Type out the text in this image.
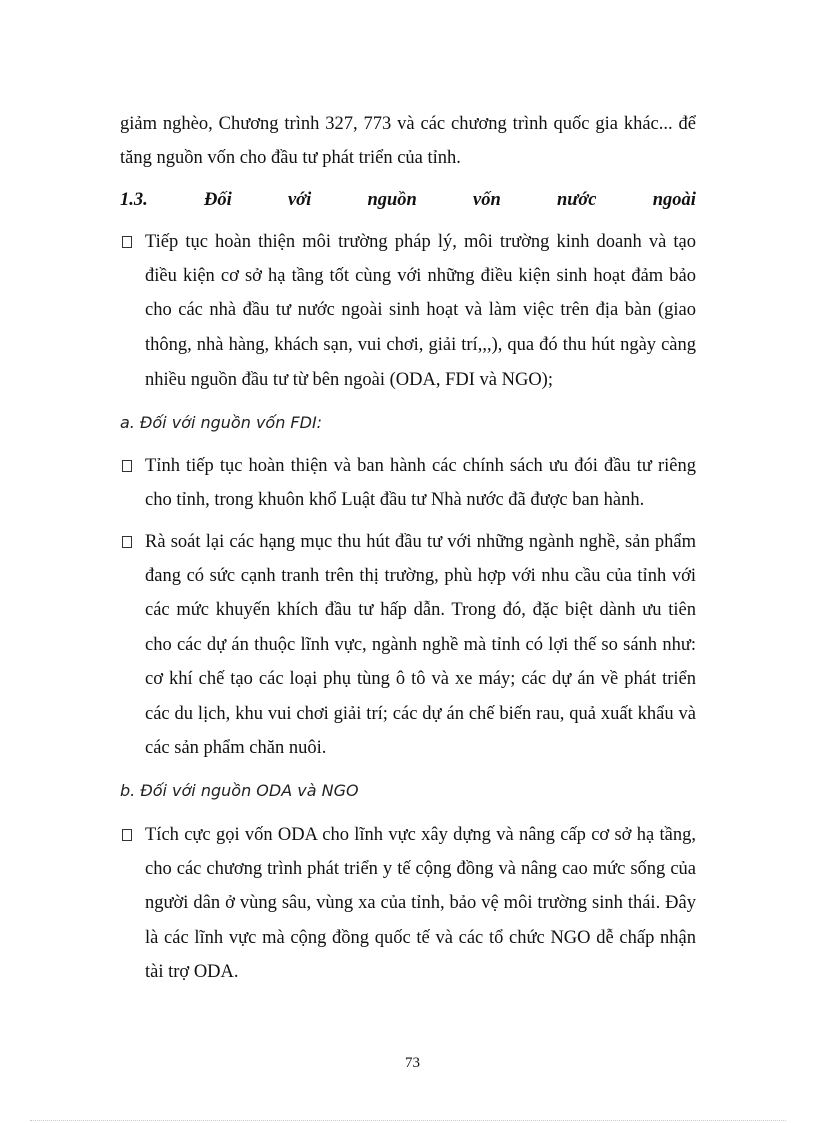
giảm nghèo, Chương trình 327, 773 và các chương trình quốc gia khác... để
tăng nguồn vốn cho đầu tư phát triển của tỉnh.
1.3.	Đối	với	nguồn	vốn	nước	ngoài
Tiếp tục hoàn thiện môi trường pháp lý, môi trường kinh doanh và tạo
điều kiện cơ sở hạ tầng tốt cùng với những điều kiện sinh hoạt đảm bảo
cho các nhà đầu tư nước ngoài sinh hoạt và làm việc trên địa bàn (giao
thông, nhà hàng, khách sạn, vui chơi, giải trí,,,), qua đó thu hút ngày càng
nhiều nguồn đầu tư từ bên ngoài (ODA, FDI và NGO);
a. Đối với nguồn vốn FDI:
Tỉnh tiếp tục hoàn thiện và ban hành các chính sách ưu đói đầu tư riêng
cho tỉnh, trong khuôn khổ Luật đầu tư Nhà nước đã được ban hành.
Rà soát lại các hạng mục thu hút đầu tư với những ngành nghề, sản phẩm
đang có sức cạnh tranh trên thị trường, phù hợp với nhu cầu của tỉnh với
các mức khuyến khích đầu tư hấp dẫn. Trong đó, đặc biệt dành ưu tiên
cho các dự án thuộc lĩnh vực, ngành nghề mà tỉnh có lợi thế so sánh như:
cơ khí chế tạo các loại phụ tùng ô tô và xe máy; các dự án về phát triển
các du lịch, khu vui chơi giải trí; các dự án chế biến rau, quả xuất khẩu và
các sản phẩm chăn nuôi.
b. Đối với nguồn ODA và NGO
Tích cực gọi vốn ODA cho lĩnh vực xây dựng và nâng cấp cơ sở hạ tầng,
cho các chương trình phát triển y tế cộng đồng và nâng cao mức sống của
người dân ở vùng sâu, vùng xa của tỉnh, bảo vệ môi trường sinh thái. Đây
là các lĩnh vực mà cộng đồng quốc tế và các tổ chức NGO dễ chấp nhận
tài trợ ODA.
73
